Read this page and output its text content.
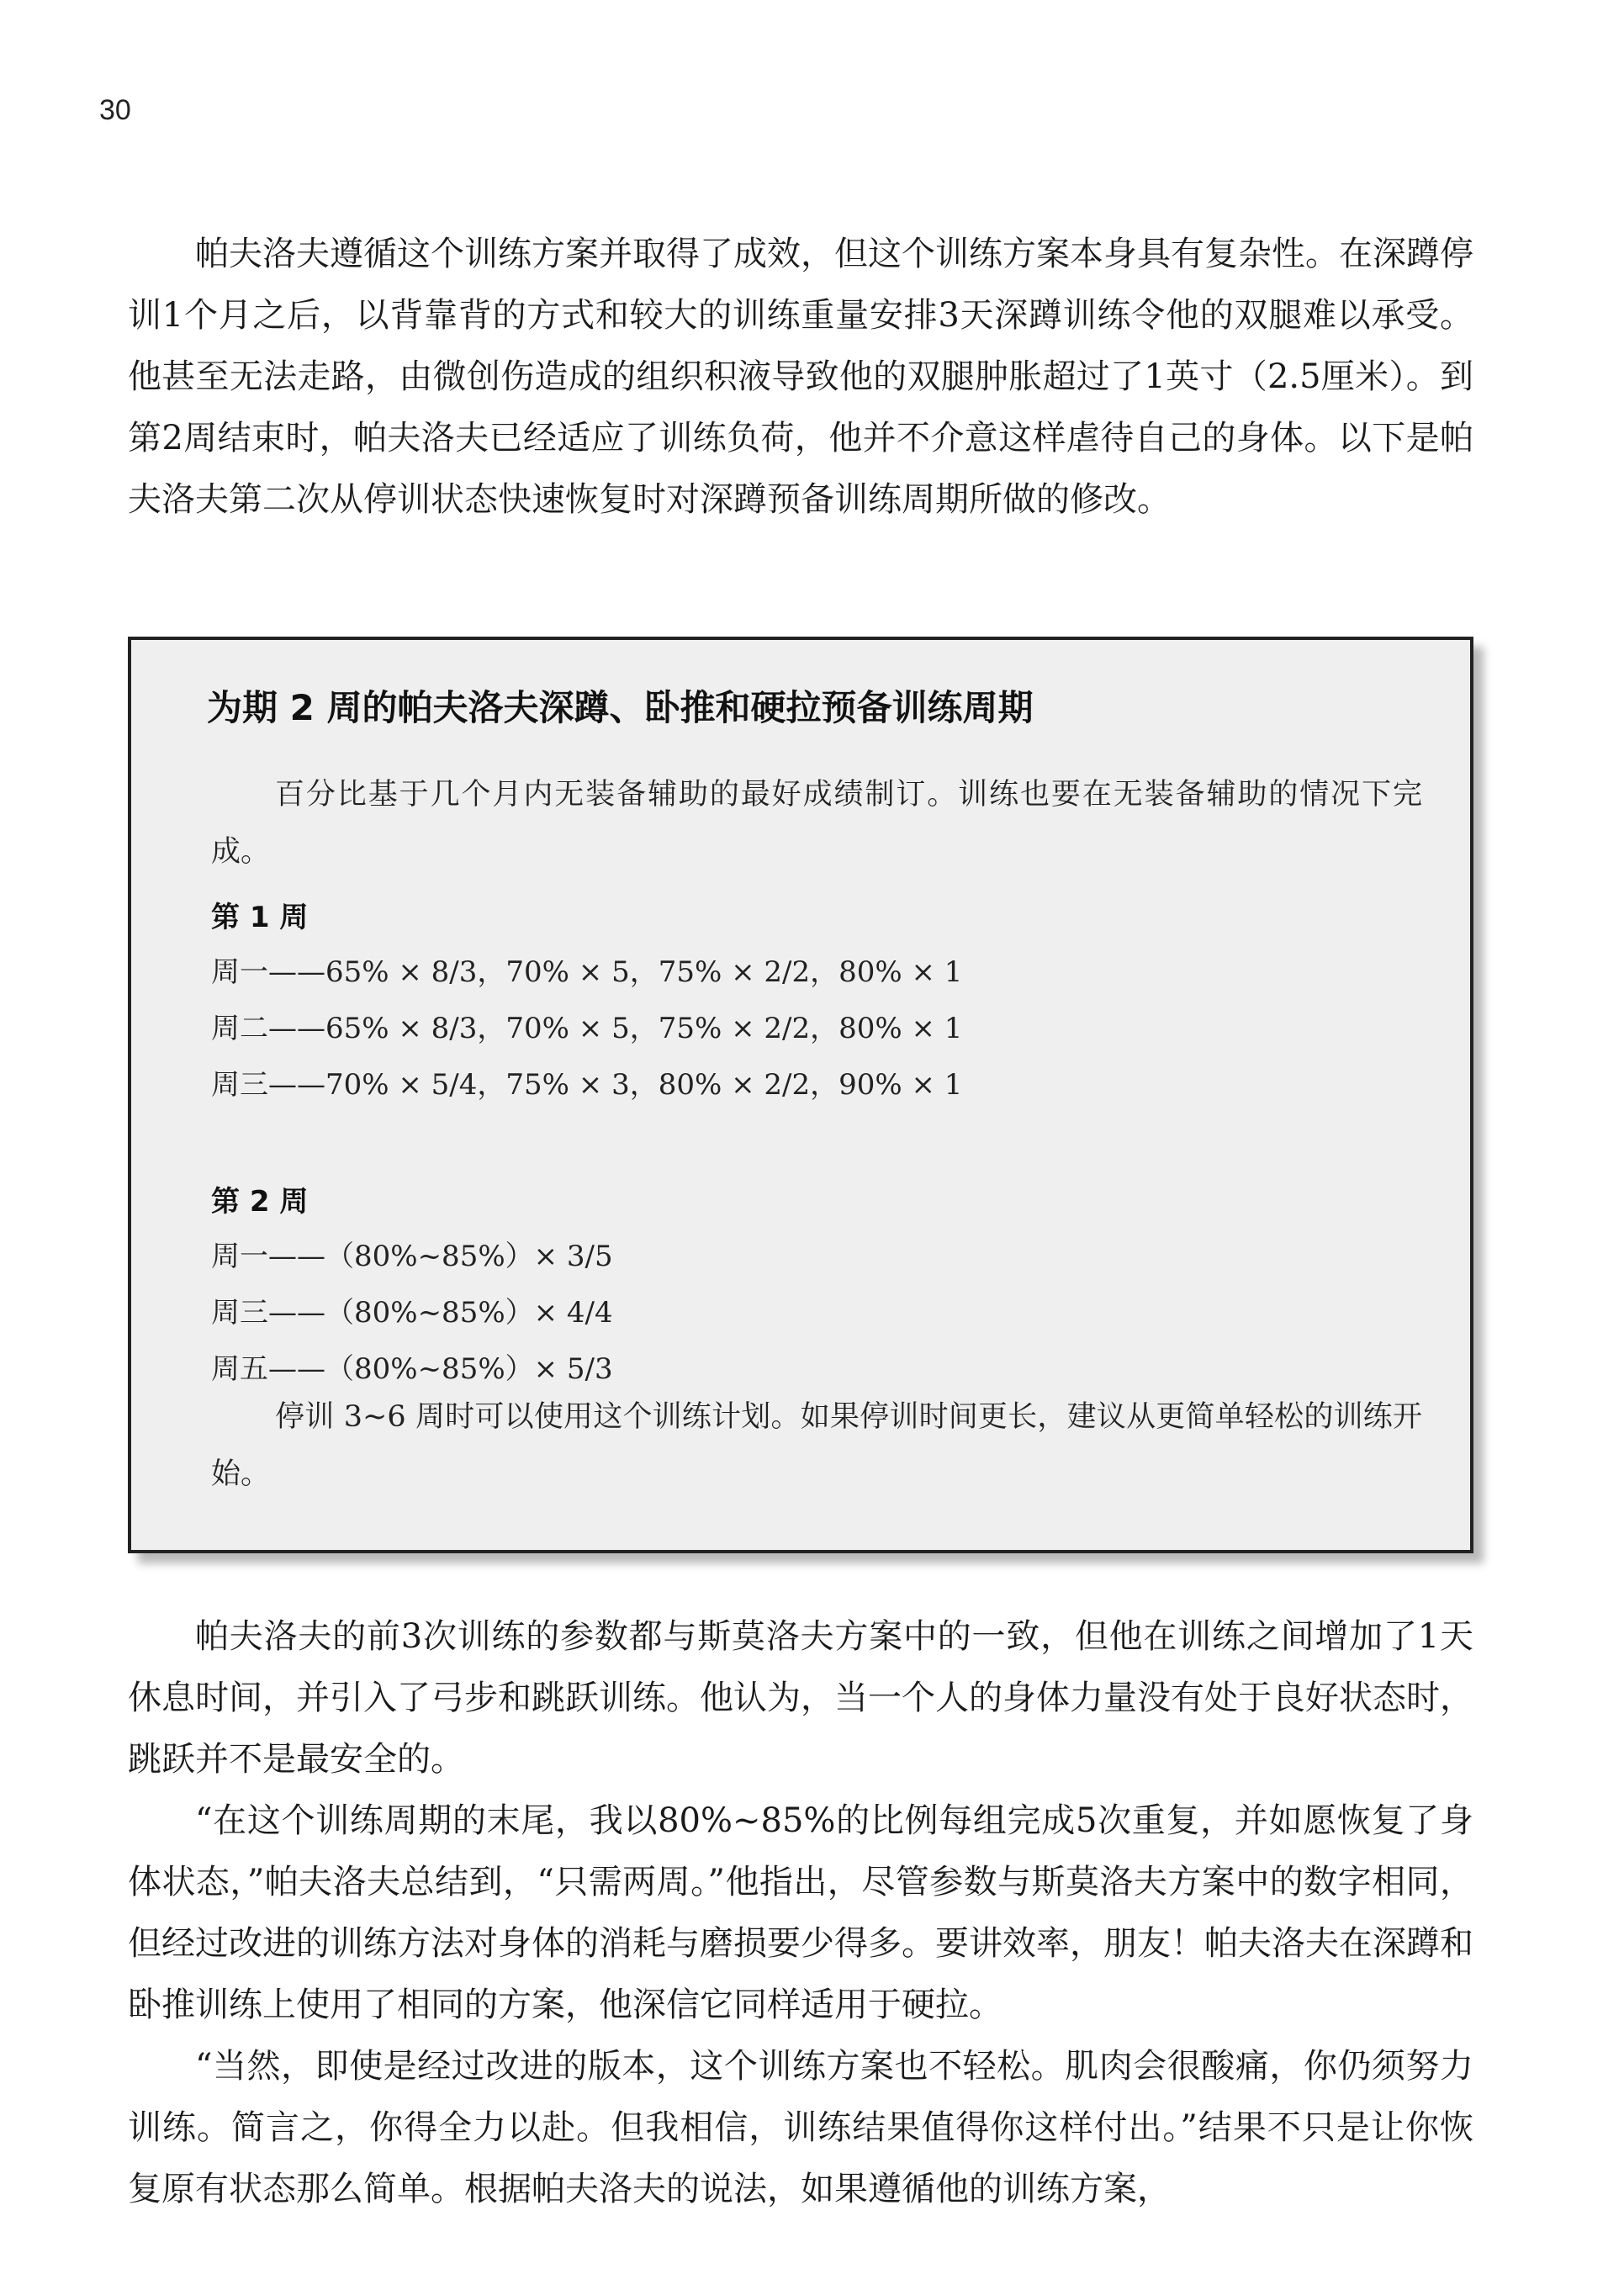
30

帕夫洛夫遵循这个训练方案并取得了成效，但这个训练方案本身具有复杂性。在深蹲停训1个月之后，以背靠背的方式和较大的训练重量安排3天深蹲训练令他的双腿难以承受。他甚至无法走路，由微创伤造成的组织积液导致他的双腿肿胀超过了1英寸（2.5厘米）。到第2周结束时，帕夫洛夫已经适应了训练负荷，他并不介意这样虐待自己的身体。以下是帕夫洛夫第二次从停训状态快速恢复时对深蹲预备训练周期所做的修改。

为期 2 周的帕夫洛夫深蹲、卧推和硬拉预备训练周期

百分比基于几个月内无装备辅助的最好成绩制订。训练也要在无装备辅助的情况下完成。

第 1 周
周一——65% × 8/3，70% × 5，75% × 2/2，80% × 1
周二——65% × 8/3，70% × 5，75% × 2/2，80% × 1
周三——70% × 5/4，75% × 3，80% × 2/2，90% × 1
第 2 周
周一——（80%~85%）× 3/5
周三——（80%~85%）× 4/4
周五——（80%~85%）× 5/3

停训 3~6 周时可以使用这个训练计划。如果停训时间更长，建议从更简单轻松的训练开始。

帕夫洛夫的前3次训练的参数都与斯莫洛夫方案中的一致，但他在训练之间增加了1天休息时间，并引入了弓步和跳跃训练。他认为，当一个人的身体力量没有处于良好状态时，跳跃并不是最安全的。

“在这个训练周期的末尾，我以80%~85%的比例每组完成5次重复，并如愿恢复了身体状态，”帕夫洛夫总结到，“只需两周。”他指出，尽管参数与斯莫洛夫方案中的数字相同，但经过改进的训练方法对身体的消耗与磨损要少得多。要讲效率，朋友！帕夫洛夫在深蹲和卧推训练上使用了相同的方案，他深信它同样适用于硬拉。

“当然，即使是经过改进的版本，这个训练方案也不轻松。肌肉会很酸痛，你仍须努力训练。简言之，你得全力以赴。但我相信，训练结果值得你这样付出。”结果不只是让你恢复原有状态那么简单。根据帕夫洛夫的说法，如果遵循他的训练方案，
